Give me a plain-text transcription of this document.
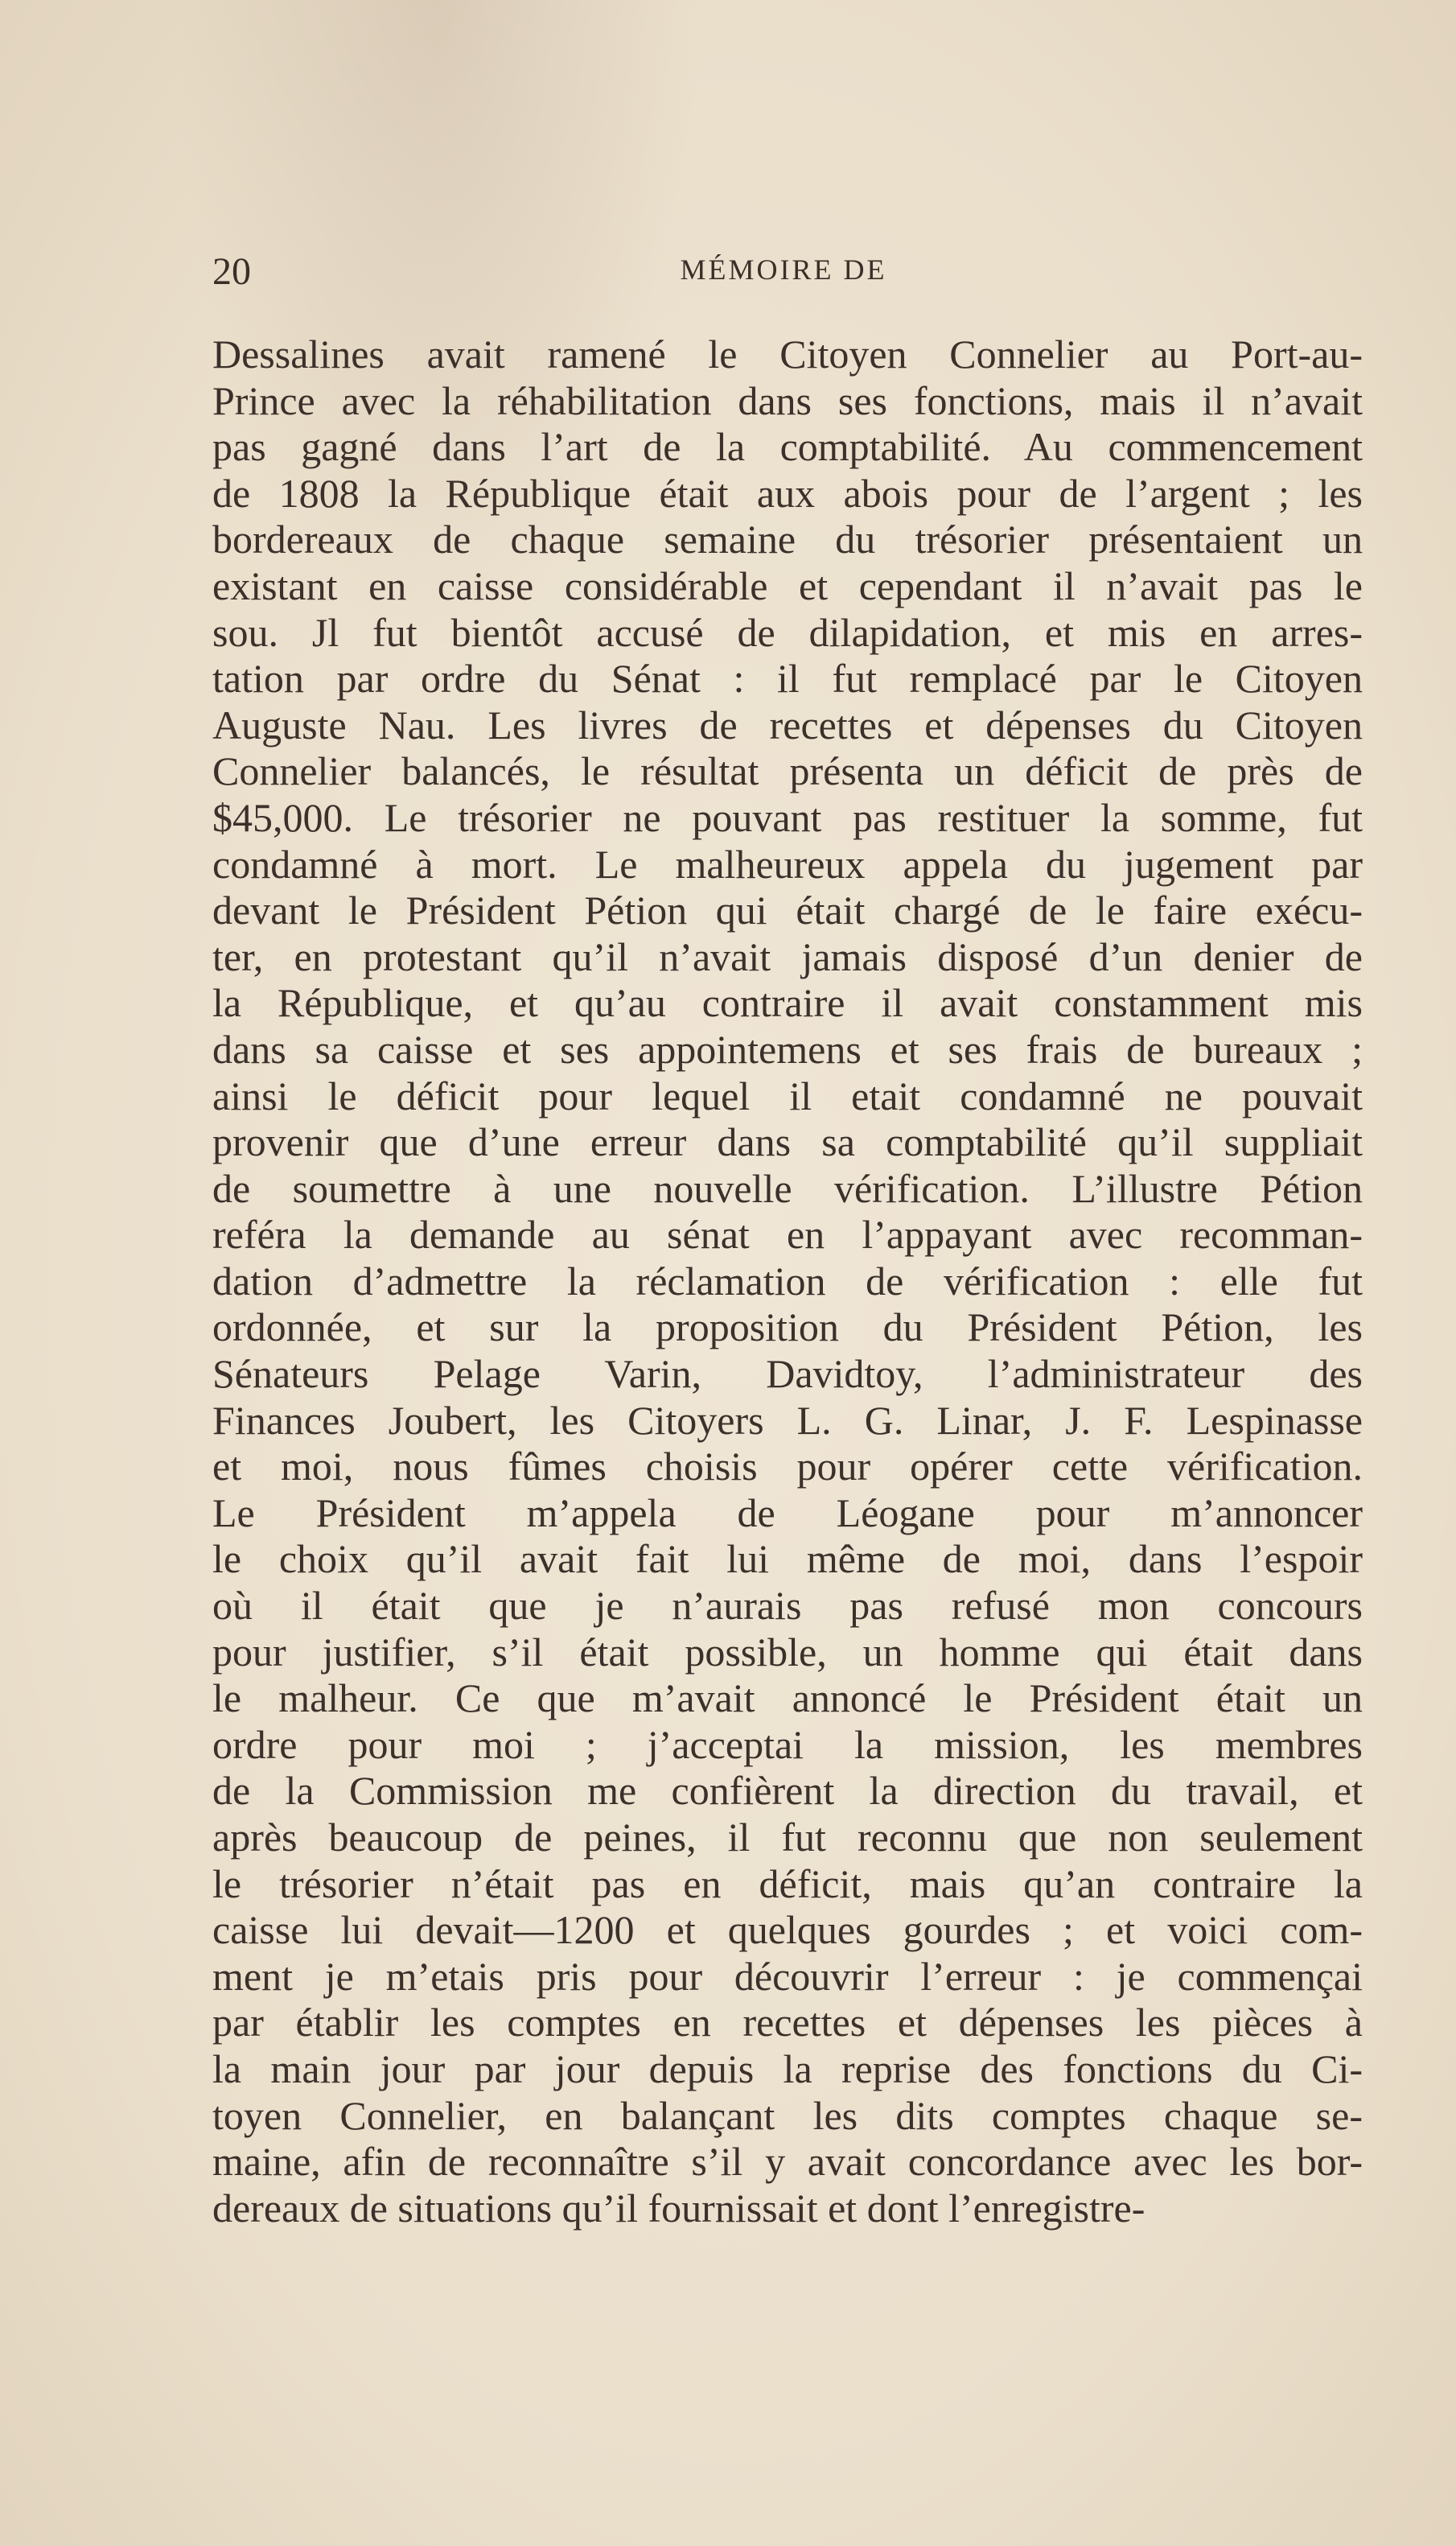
20	MÉMOIRE DE
Dessalines avait ramené le Citoyen Connelier au Port-au-
Prince avec la réhabilitation dans ses fonctions, mais il n’avait
pas gagné dans l’art de la comptabilité. Au commencement
de 1808 la République était aux abois pour de l’argent ; les
bordereaux de chaque semaine du trésorier présentaient un
existant en caisse considérable et cependant il n’avait pas le
sou. Jl fut bientôt accusé de dilapidation, et mis en arres-
tation par ordre du Sénat : il fut remplacé par le Citoyen
Auguste Nau. Les livres de recettes et dépenses du Citoyen
Connelier balancés, le résultat présenta un déficit de près de
$45,000. Le trésorier ne pouvant pas restituer la somme, fut
condamné à mort. Le malheureux appela du jugement par
devant le Président Pétion qui était chargé de le faire exécu-
ter, en protestant qu’il n’avait jamais disposé d’un denier de
la République, et qu’au contraire il avait constamment mis
dans sa caisse et ses appointemens et ses frais de bureaux ;
ainsi le déficit pour lequel il etait condamné ne pouvait
provenir que d’une erreur dans sa comptabilité qu’il suppliait
de soumettre à une nouvelle vérification. L’illustre Pétion
reféra la demande au sénat en l’appayant avec recomman-
dation d’admettre la réclamation de vérification : elle fut
ordonnée, et sur la proposition du Président Pétion, les
Sénateurs Pelage Varin, Davidtoy, l’administrateur des
Finances Joubert, les Citoyers L. G. Linar, J. F. Lespinasse
et moi, nous fûmes choisis pour opérer cette vérification.
Le Président m’appela de Léogane pour m’annoncer
le choix qu’il avait fait lui même de moi, dans l’espoir
où il était que je n’aurais pas refusé mon concours
pour justifier, s’il était possible, un homme qui était dans
le malheur. Ce que m’avait annoncé le Président était un
ordre pour moi ; j’acceptai la mission, les membres
de la Commission me confièrent la direction du travail, et
après beaucoup de peines, il fut reconnu que non seulement
le trésorier n’était pas en déficit, mais qu’an contraire la
caisse lui devait—1200 et quelques gourdes ; et voici com-
ment je m’etais pris pour découvrir l’erreur : je commençai
par établir les comptes en recettes et dépenses les pièces à
la main jour par jour depuis la reprise des fonctions du Ci-
toyen Connelier, en balançant les dits comptes chaque se-
maine, afin de reconnaître s’il y avait concordance avec les bor-
dereaux de situations qu’il fournissait et dont l’enregistre-
